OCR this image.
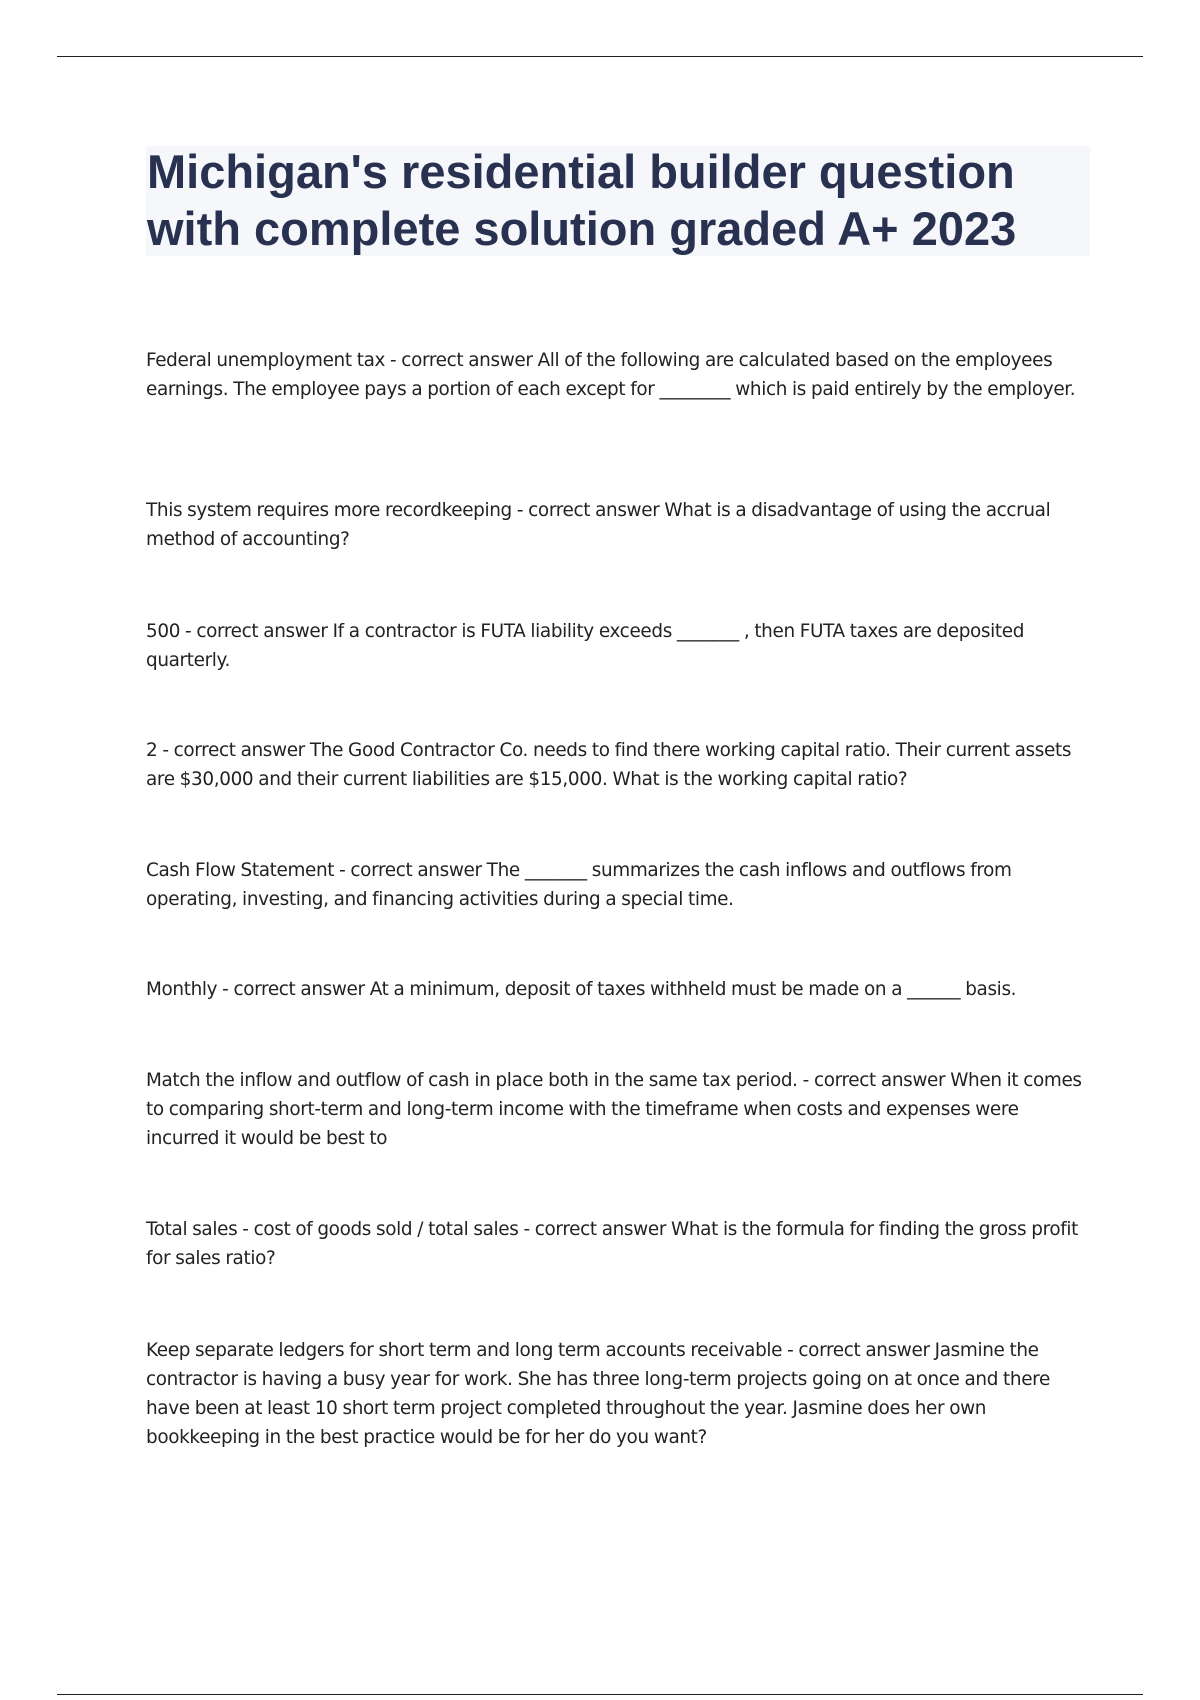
Michigan's residential builder question with complete solution graded A+ 2023

Federal unemployment tax - correct answer All of the following are calculated based on the employees earnings. The employee pays a portion of each except for ________ which is paid entirely by the employer.

This system requires more recordkeeping - correct answer What is a disadvantage of using the accrual method of accounting?

500 - correct answer If a contractor is FUTA liability exceeds _______ , then FUTA taxes are deposited quarterly.

2 - correct answer The Good Contractor Co. needs to find there working capital ratio. Their current assets are $30,000 and their current liabilities are $15,000. What is the working capital ratio?

Cash Flow Statement - correct answer The _______ summarizes the cash inflows and outflows from operating, investing, and financing activities during a special time.

Monthly - correct answer At a minimum, deposit of taxes withheld must be made on a ______ basis.

Match the inflow and outflow of cash in place both in the same tax period. - correct answer When it comes to comparing short-term and long-term income with the timeframe when costs and expenses were incurred it would be best to

Total sales - cost of goods sold / total sales - correct answer What is the formula for finding the gross profit for sales ratio?

Keep separate ledgers for short term and long term accounts receivable - correct answer Jasmine the contractor is having a busy year for work. She has three long-term projects going on at once and there have been at least 10 short term project completed throughout the year. Jasmine does her own bookkeeping in the best practice would be for her do you want?
